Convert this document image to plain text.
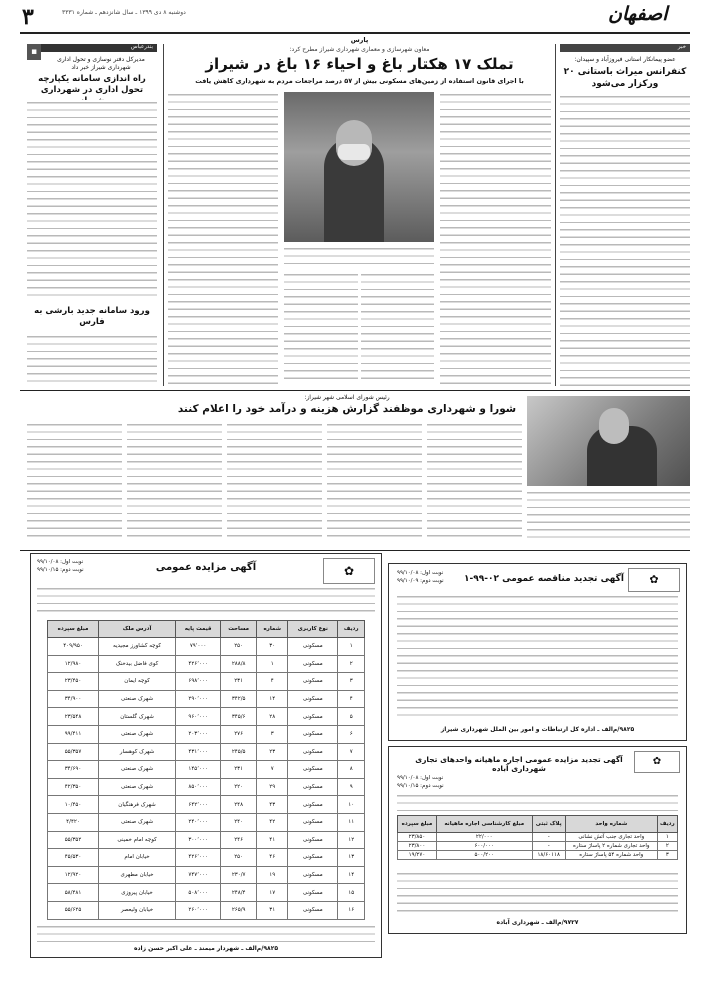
۳	دوشنبه ۸ دی ۱۳۹۹ ـ سال شانزدهم ـ شماره ۳۳۳۱	اصفهان
بندرعباس
▪
مدیرکل دفتر نوسازی و تحول اداری شهرداری شیراز خبر داد
راه اندازی سامانه یکپارچه تحول اداری در شهرداری
ورود سامانه جدید بارشی به فارس
پارس
معاون شهرسازی و معماری شهرداری شیراز مطرح کرد:
تملک ۱۷ هکتار باغ و احیاء ۱۶ باغ در شیراز
با اجرای قانون استفاده از زمین‌های مسکونی بیش از ۵۷ درصد مراجعات مردم به شهرداری کاهش یافت
خبر
عضو پیمانکار استانی فیروزآباد و سپیدان:
کنفرانس میراث باستانی ۲۰ ورکزار می‌شود
رئیس شورای اسلامی شهر شیراز:
شورا و شهرداری موظفند گزارش هزینه و درآمد خود را اعلام کنند
✿
آگهی مزایده عمومی
نوبت اول: ۹۹/۱۰/۰۸
نوبت دوم: ۹۹/۱۰/۱۵
ردیف	نوع کاربری	شماره	مساحت	قیمت پایه	آدرس ملک	مبلغ سپرده
۱	مسکونی	۳۰	۲۵۰	۷۹٬۰۰۰	کوچه کشاورز مجیدیه	۴۰۹/۹۵۰
۲	مسکونی	۱	۲۸۸/۸	۴۲۶٬۰۰۰	کوی فاضل بیدخنک	۱۲/۹۸۰
۳	مسکونی	۴	۲۳۱	۶۹۸٬۰۰۰	کوچه ایمان	۲۳/۴۵۰
۴	مسکونی	۱۴	۳۴۲/۵	۲۹۰٬۰۰۰	شهرک صنعتی	۳۴/۹۰۰
۵	مسکونی	۲۸	۳۴۵/۶	۹۶۰٬۰۰۰	شهرک گلستان	۲۳/۵۴۸
۶	مسکونی	۳	۲۷۶	۲۰۳٬۰۰۰	شهرک صنعتی	۹۹/۴۱۱
۷	مسکونی	۲۳	۲۴۵/۵	۴۳۱٬۰۰۰	شهرک کوهسار	۵۵/۳۵۷
۸	مسکونی	۷	۲۳۱	۱۴۵٬۰۰۰	شهرک صنعتی	۳۴/۶۹۰
۹	مسکونی	۲۹	۲۲۰	۸۵۰٬۰۰۰	شهرک صنعتی	۴۲/۳۵۰
۱۰	مسکونی	۴۳	۲۴۸	۶۴۲٬۰۰۰	شهرک فرهنگیان	۱۰/۴۵۰
۱۱	مسکونی	۴۲	۲۴۰	۲۴۰٬۰۰۰	شهرک صنعتی	۴/۴۲۰
۱۲	مسکونی	۴۱	۲۴۶	۳۰۰٬۰۰۰	کوچه امام خمینی	۵۵/۳۵۲
۱۳	مسکونی	۴۶	۲۵۰	۴۲۶٬۰۰۰	خیابان امام	۴۵/۵۳۰
۱۴	مسکونی	۱۹	۲۳۰/۷	۷۴۷٬۰۰۰	خیابان مطهری	۱۲/۹۲۰
۱۵	مسکونی	۱۷	۲۴۸/۴	۵۰۸٬۰۰۰	خیابان پیروزی	۵۸/۴۸۱
۱۶	مسکونی	۳۱	۲۶۵/۹	۲۶۰٬۰۰۰	خیابان ولیعصر	۵۵/۶۲۵
۹۸۲۵/م‌الف ـ شهردار میمند ـ علی اکبر حسن زاده
✿
آگهی تجدید مناقصه عمومی ۰۲-۹۹-۱
نوبت اول: ۹۹/۱۰/۰۸
نوبت دوم: ۹۹/۱۰/۰۹
۹۸۲۵/م‌الف ـ اداره کل ارتباطات و امور بین الملل شهرداری شیراز
✿
آگهی تجدید مزایده عمومی اجاره ماهیانه واحدهای تجاری شهرداری آباده
نوبت اول: ۹۹/۱۰/۰۸
نوبت دوم: ۹۹/۱۰/۱۵
ردیف	شماره واحد	پلاک ثبتی	مبلغ کارشناسی اجاره ماهیانه	مبلغ سپرده
۱	واحد تجاری جنب آتش نشانی	-	۲۲/۰۰۰	۲۳/۸۵۰
۲	واحد تجاری شماره ۲ پاساژ ستاره	-	۶۰۰/۰۰۰	۲۳/۸۰۰
۳	واحد شماره ۵۴ پاساژ ستاره	۱۸/۶۰۱۱۸	۵۰۰/۲۰۰	۱۹/۲۷۰
۹۷۲۷/م‌الف ـ شهرداری آباده
